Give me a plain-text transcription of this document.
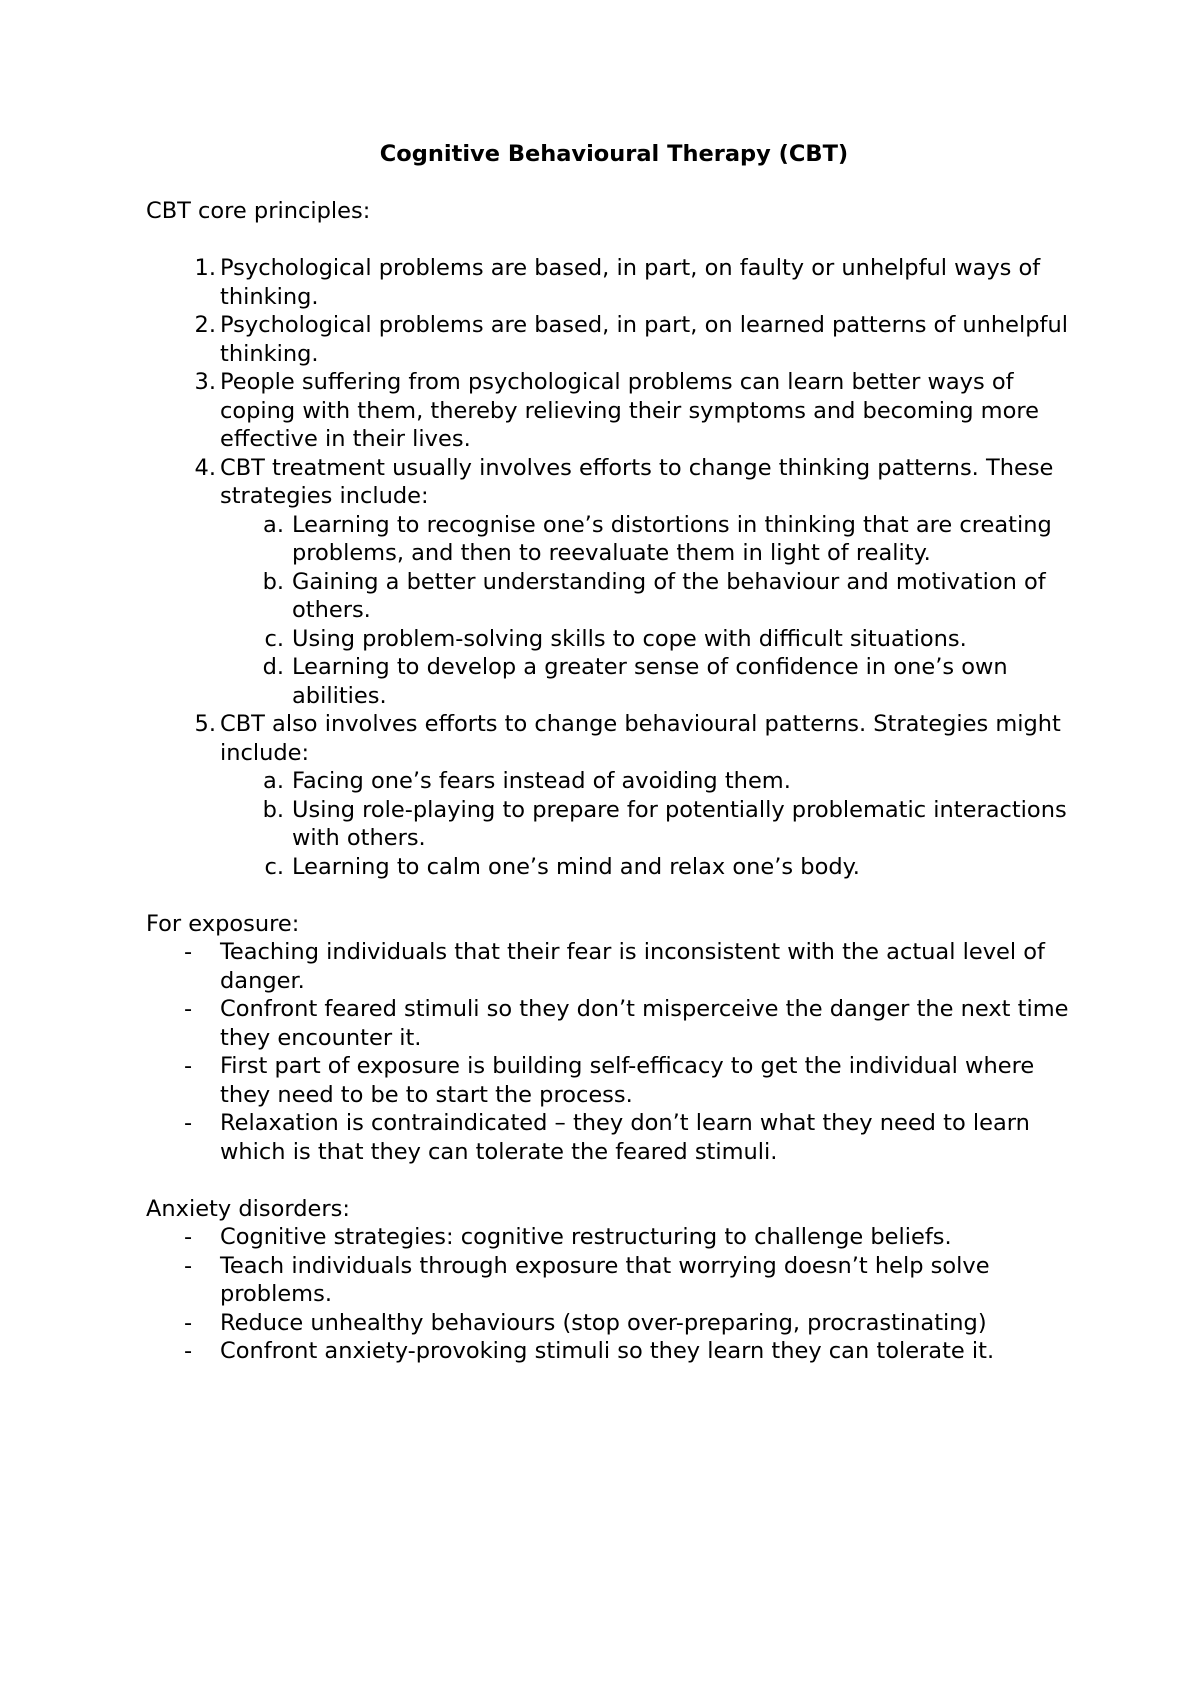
Cognitive Behavioural Therapy (CBT)
CBT core principles:
1. Psychological problems are based, in part, on faulty or unhelpful ways of thinking.
2. Psychological problems are based, in part, on learned patterns of unhelpful thinking.
3. People suffering from psychological problems can learn better ways of coping with them, thereby relieving their symptoms and becoming more effective in their lives.
4. CBT treatment usually involves efforts to change thinking patterns. These strategies include:
a. Learning to recognise one’s distortions in thinking that are creating problems, and then to reevaluate them in light of reality.
b. Gaining a better understanding of the behaviour and motivation of others.
c. Using problem-solving skills to cope with difficult situations.
d. Learning to develop a greater sense of confidence in one’s own abilities.
5. CBT also involves efforts to change behavioural patterns. Strategies might include:
a. Facing one’s fears instead of avoiding them.
b. Using role-playing to prepare for potentially problematic interactions with others.
c. Learning to calm one’s mind and relax one’s body.
For exposure:
- Teaching individuals that their fear is inconsistent with the actual level of danger.
- Confront feared stimuli so they don’t misperceive the danger the next time they encounter it.
- First part of exposure is building self-efficacy to get the individual where they need to be to start the process.
- Relaxation is contraindicated – they don’t learn what they need to learn which is that they can tolerate the feared stimuli.
Anxiety disorders:
- Cognitive strategies: cognitive restructuring to challenge beliefs.
- Teach individuals through exposure that worrying doesn’t help solve problems.
- Reduce unhealthy behaviours (stop over-preparing, procrastinating)
- Confront anxiety-provoking stimuli so they learn they can tolerate it.
